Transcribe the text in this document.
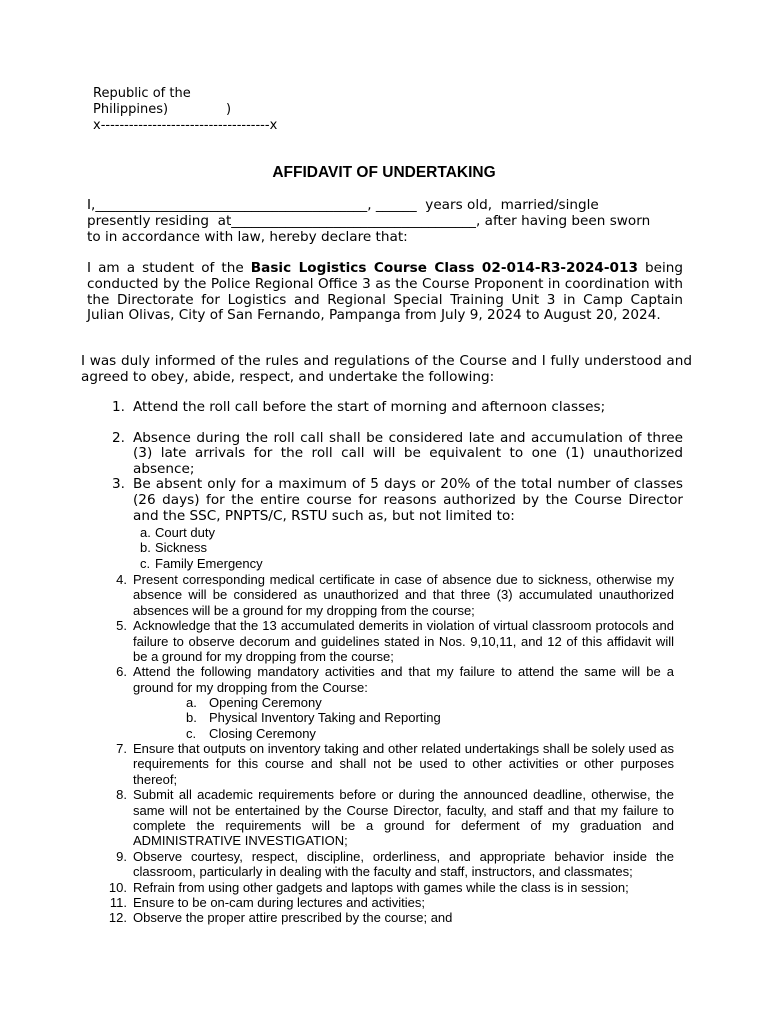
Republic of the
Philippines)              )
x------------------------------------x
AFFIDAVIT OF UNDERTAKING
I,________________________________________, ______  years old,  married/single
presently residing  at____________________________________, after having been sworn
to in accordance with law, hereby declare that:
I am a student of the Basic Logistics Course Class 02-014-R3-2024-013 being conducted by the Police Regional Office 3 as the Course Proponent in coordination with the Directorate for Logistics and Regional Special Training Unit 3 in Camp Captain Julian Olivas, City of San Fernando, Pampanga from July 9, 2024 to August 20, 2024.
I was duly informed of the rules and regulations of the Course and I fully understood and agreed to obey, abide, respect, and undertake the following:
1. Attend the roll call before the start of morning and afternoon classes;
2. Absence during the roll call shall be considered late and accumulation of three (3) late arrivals for the roll call will be equivalent to one (1) unauthorized absence;
3. Be absent only for a maximum of 5 days or 20% of the total number of classes (26 days) for the entire course for reasons authorized by the Course Director and the SSC, PNPTS/C, RSTU such as, but not limited to:
a. Court duty
b. Sickness
c. Family Emergency
4. Present corresponding medical certificate in case of absence due to sickness, otherwise my absence will be considered as unauthorized and that three (3) accumulated unauthorized absences will be a ground for my dropping from the course;
5. Acknowledge that the 13 accumulated demerits in violation of virtual classroom protocols and failure to observe decorum and guidelines stated in Nos. 9,10,11, and 12 of this affidavit will be a ground for my dropping from the course;
6. Attend the following mandatory activities and that my failure to attend the same will be a ground for my dropping from the Course:
a. Opening Ceremony
b. Physical Inventory Taking and Reporting
c. Closing Ceremony
7. Ensure that outputs on inventory taking and other related undertakings shall be solely used as requirements for this course and shall not be used to other activities or other purposes thereof;
8. Submit all academic requirements before or during the announced deadline, otherwise, the same will not be entertained by the Course Director, faculty, and staff and that my failure to complete the requirements will be a ground for deferment of my graduation and ADMINISTRATIVE INVESTIGATION;
9. Observe courtesy, respect, discipline, orderliness, and appropriate behavior inside the classroom, particularly in dealing with the faculty and staff, instructors, and classmates;
10. Refrain from using other gadgets and laptops with games while the class is in session;
11. Ensure to be on-cam during lectures and activities;
12. Observe the proper attire prescribed by the course; and
